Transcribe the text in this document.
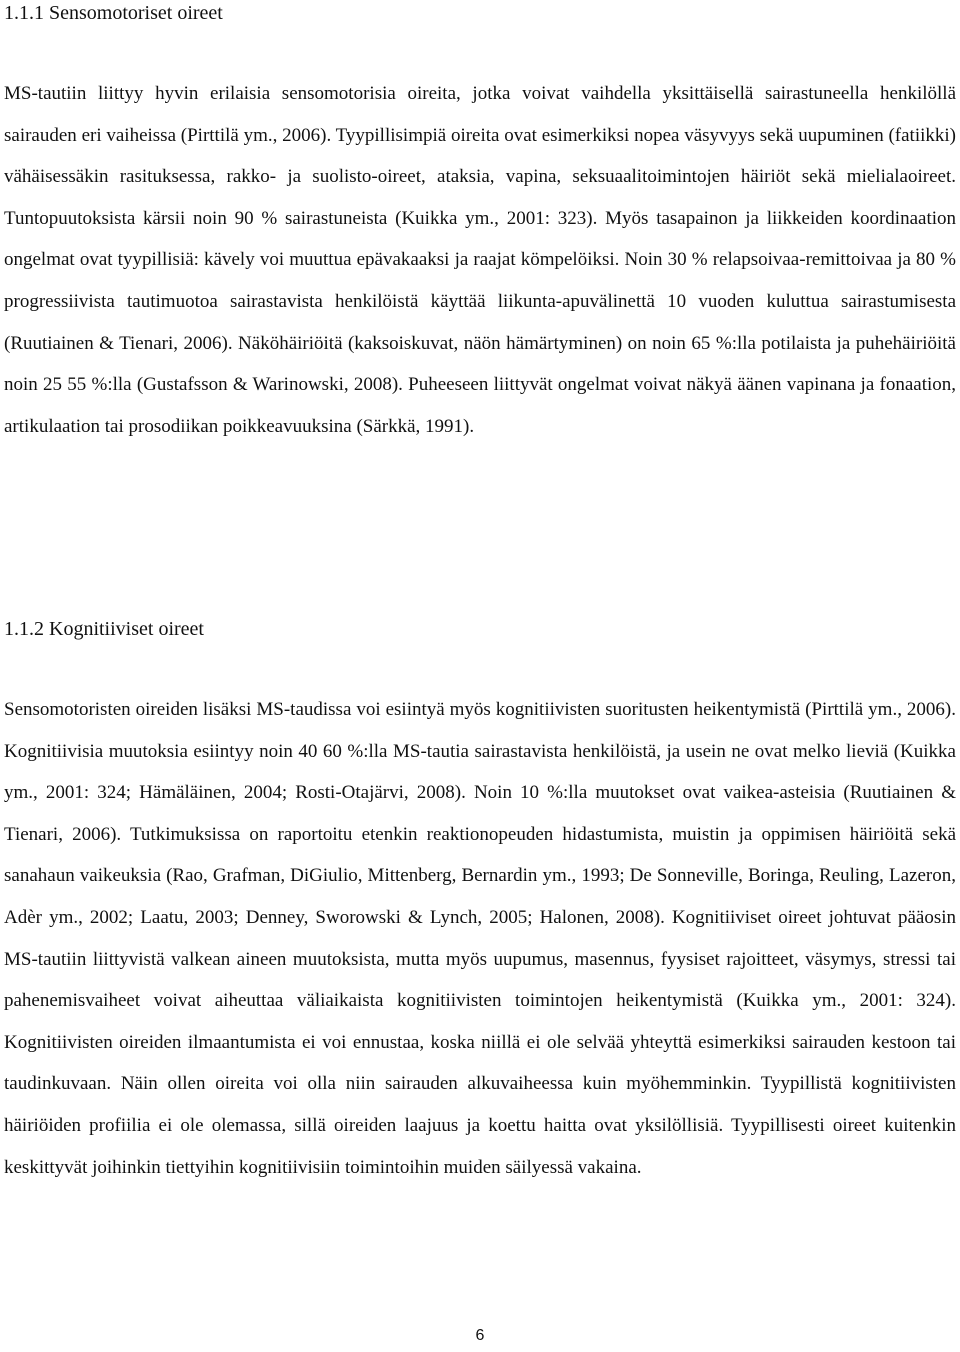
1.1.1 Sensomotoriset oireet

MS-tautiin liittyy hyvin erilaisia sensomotorisia oireita, jotka voivat vaihdella yksittäisellä sairastuneella henkilöllä sairauden eri vaiheissa (Pirttilä ym., 2006). Tyypillisimpiä oireita ovat esimerkiksi nopea väsyvyys sekä uupuminen (fatiikki) vähäisessäkin rasituksessa, rakko- ja suolisto-oireet, ataksia, vapina, seksuaalitoimintojen häiriöt sekä mielialaoireet. Tuntopuutoksista kärsii noin 90 % sairastuneista (Kuikka ym., 2001: 323). Myös tasapainon ja liikkeiden koordinaation ongelmat ovat tyypillisiä: kävely voi muuttua epävakaaksi ja raajat kömpelöiksi. Noin 30 % relapsoivaa-remittoivaa ja 80 % progressiivista tautimuotoa sairastavista henkilöistä käyttää liikunta-apuvälinettä 10 vuoden kuluttua sairastumisesta (Ruutiainen & Tienari, 2006). Näköhäiriöitä (kaksoiskuvat, näön hämärtyminen) on noin 65 %:lla potilaista ja puhehäiriöitä noin 25 55 %:lla (Gustafsson & Warinowski, 2008). Puheeseen liittyvät ongelmat voivat näkyä äänen vapinana ja fonaation, artikulaation tai prosodiikan poikkeavuuksina (Särkkä, 1991).

1.1.2 Kognitiiviset oireet

Sensomotoristen oireiden lisäksi MS-taudissa voi esiintyä myös kognitiivisten suoritusten heikentymistä (Pirttilä ym., 2006). Kognitiivisia muutoksia esiintyy noin 40 60 %:lla MS-tautia sairastavista henkilöistä, ja usein ne ovat melko lieviä (Kuikka ym., 2001: 324; Hämäläinen, 2004; Rosti-Otajärvi, 2008). Noin 10 %:lla muutokset ovat vaikea-asteisia (Ruutiainen & Tienari, 2006). Tutkimuksissa on raportoitu etenkin reaktionopeuden hidastumista, muistin ja oppimisen häiriöitä sekä sanahaun vaikeuksia (Rao, Grafman, DiGiulio, Mittenberg, Bernardin ym., 1993; De Sonneville, Boringa, Reuling, Lazeron, Adèr ym., 2002; Laatu, 2003; Denney, Sworowski & Lynch, 2005; Halonen, 2008). Kognitiiviset oireet johtuvat pääosin MS-tautiin liittyvistä valkean aineen muutoksista, mutta myös uupumus, masennus, fyysiset rajoitteet, väsymys, stressi tai pahenemisvaiheet voivat aiheuttaa väliaikaista kognitiivisten toimintojen heikentymistä (Kuikka ym., 2001: 324). Kognitiivisten oireiden ilmaantumista ei voi ennustaa, koska niillä ei ole selvää yhteyttä esimerkiksi sairauden kestoon tai taudinkuvaan. Näin ollen oireita voi olla niin sairauden alkuvaiheessa kuin myöhemminkin. Tyypillistä kognitiivisten häiriöiden profiilia ei ole olemassa, sillä oireiden laajuus ja koettu haitta ovat yksilöllisiä. Tyypillisesti oireet kuitenkin keskittyvät joihinkin tiettyihin kognitiivisiin toimintoihin muiden säilyessä vakaina.

6
